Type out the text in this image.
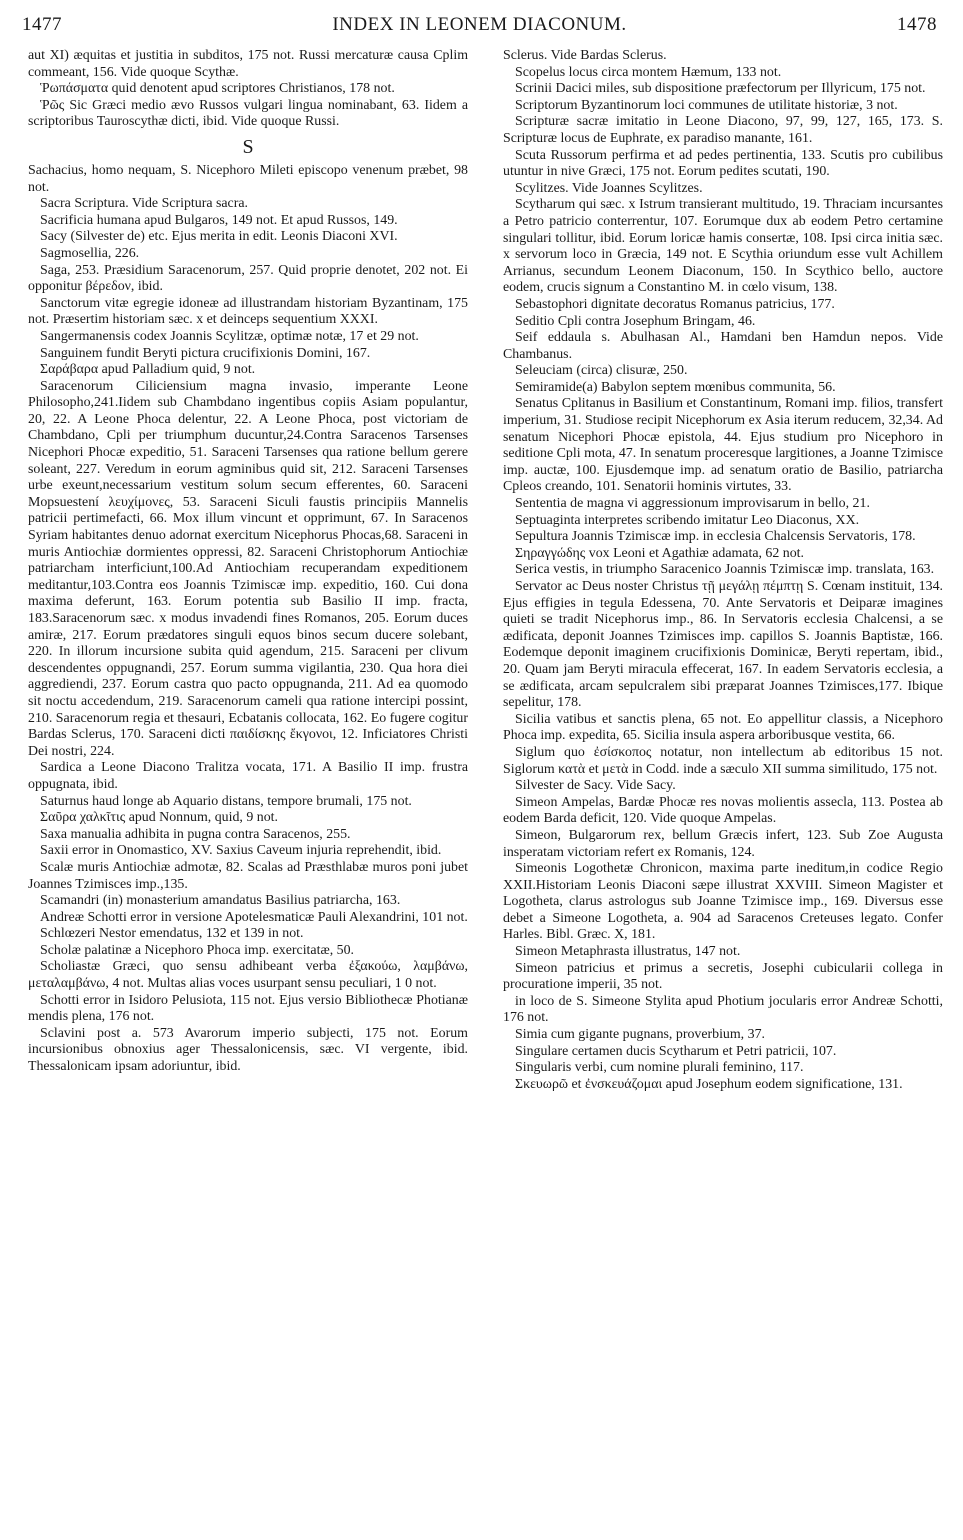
1477	INDEX IN LEONEM DIACONUM.	1478

aut XI) æquitas et justitia in subditos, 175 not. Russi mercaturæ causa Cplim commeant, 156. Vide quoque Scythæ.

Ῥωπάσματα quid denotent apud scriptores Christianos, 178 not.

Ῥῶς Sic Græci medio ævo Russos vulgari lingua nominabant, 63. Iidem a scriptoribus Tauroscythæ dicti, ibid. Vide quoque Russi.

S

Sachacius, homo nequam, S. Nicephoro Mileti episcopo venenum præbet, 98 not.

Sacra Scriptura. Vide Scriptura sacra.

Sacrificia humana apud Bulgaros, 149 not. Et apud Russos, 149.

Sacy (Silvester de) etc. Ejus merita in edit. Leonis Diaconi XVI.

Sagmosellia, 226.

Saga, 253. Præsidium Saracenorum, 257. Quid proprie denotet, 202 not. Ei opponitur βέρεδον, ibid.

Sanctorum vitæ egregie idoneæ ad illustrandam historiam Byzantinam, 175 not. Præsertim historiam sæc. x et deinceps sequentium XXXI.

Sangermanensis codex Joannis Scylitzæ, optimæ notæ, 17 et 29 not.

Sanguinem fundit Beryti pictura crucifixionis Domini, 167.

Σαράβαρα apud Palladium quid, 9 not.

Saracenorum Ciliciensium magna invasio, imperante Leone Philosopho,241.Iidem sub Chambdano ingentibus copiis Asiam populantur, 20, 22. A Leone Phoca delentur, 22. A Leone Phoca, post victoriam de Chambdano, Cpli per triumphum ducuntur,24.Contra Saracenos Tarsenses Nicephori Phocæ expeditio, 51. Saraceni Tarsenses qua ratione bellum gerere soleant, 227. Veredum in eorum agminibus quid sit, 212. Saraceni Tarsenses urbe exeunt,necessarium vestitum solum secum efferentes, 60. Saraceni Mopsuestení λευχίμονες, 53. Saraceni Siculi faustis principiis Mannelis patricii pertimefacti, 66. Mox illum vincunt et opprimunt, 67. In Saracenos Syriam habitantes denuo adornat exercitum Nicephorus Phocas,68. Saraceni in muris Antiochiæ dormientes oppressi, 82. Saraceni Christophorum Antiochiæ patriarcham interficiunt,100.Ad Antiochiam recuperandam expeditionem meditantur,103.Contra eos Joannis Tzimiscæ imp. expeditio, 160. Cui dona maxima deferunt, 163. Eorum potentia sub Basilio II imp. fracta, 183.Saracenorum sæc. x modus invadendi fines Romanos, 205. Eorum duces amiræ, 217. Eorum prædatores singuli equos binos secum ducere solebant, 220. In illorum incursione subita quid agendum, 215. Saraceni per clivum descendentes oppugnandi, 257. Eorum summa vigilantia, 230. Qua hora diei aggrediendi, 237. Eorum castra quo pacto oppugnanda, 211. Ad ea quomodo sit noctu accedendum, 219. Saracenorum cameli qua ratione intercipi possint, 210. Saracenorum regia et thesauri, Ecbatanis collocata, 162. Eo fugere cogitur Bardas Sclerus, 170. Saraceni dicti παιδίσκης ἔκγονοι, 12. Inficiatores Christi Dei nostri, 224.

Sardica a Leone Diacono Tralitza vocata, 171. A Basilio II imp. frustra oppugnata, ibid.

Saturnus haud longe ab Aquario distans, tempore brumali, 175 not.

Σαῦρα χαλκῖτις apud Nonnum, quid, 9 not.

Saxa manualia adhibita in pugna contra Saracenos, 255.

Saxii error in Onomastico, XV. Saxius Caveum injuria reprehendit, ibid.

Scalæ muris Antiochiæ admotæ, 82. Scalas ad Præsthlabæ muros poni jubet Joannes Tzimisces imp.,135.

Scamandri (in) monasterium amandatus Basilius patriarcha, 163.

Andreæ Schotti error in versione Apotelesmaticæ Pauli Alexandrini, 101 not.

Schlœzeri Nestor emendatus, 132 et 139 in not.

Scholæ palatinæ a Nicephoro Phoca imp. exercitatæ, 50.

Scholiastæ Græci, quo sensu adhibeant verba ἐξακούω, λαμβάνω, μεταλαμβάνω, 4 not. Multas alias voces usurpant sensu peculiari, 1 0 not.

Schotti error in Isidoro Pelusiota, 115 not. Ejus versio Bibliothecæ Photianæ mendis plena, 176 not.

Sclavini post a. 573 Avarorum imperio subjecti, 175 not. Eorum incursionibus obnoxius ager Thessalonicensis, sæc. VI vergente, ibid. Thessalonicam ipsam adoriuntur, ibid.

Sclerus. Vide Bardas Sclerus.

Scopelus locus circa montem Hæmum, 133 not.

Scrinii Dacici miles, sub dispositione præfectorum per Illyricum, 175 not.

Scriptorum Byzantinorum loci communes de utilitate historiæ, 3 not.

Scripturæ sacræ imitatio in Leone Diacono, 97, 99, 127, 165, 173. S. Scripturæ locus de Euphrate, ex paradiso manante, 161.

Scuta Russorum perfirma et ad pedes pertinentia, 133. Scutis pro cubilibus utuntur in nive Græci, 175 not. Eorum pedites scutati, 190.

Scylitzes. Vide Joannes Scylitzes.

Scytharum qui sæc. x Istrum transierant multitudo, 19. Thraciam incursantes a Petro patricio conterrentur, 107. Eorumque dux ab eodem Petro certamine singulari tollitur, ibid. Eorum loricæ hamis consertæ, 108. Ipsi circa initia sæc. x servorum loco in Græcia, 149 not. E Scythia oriundum esse vult Achillem Arrianus, secundum Leonem Diaconum, 150. In Scythico bello, auctore eodem, crucis signum a Constantino M. in cœlo visum, 138.

Sebastophori dignitate decoratus Romanus patricius, 177.

Seditio Cpli contra Josephum Bringam, 46.

Seif eddaula s. Abulhasan Al., Hamdani ben Hamdun nepos. Vide Chambanus.

Seleuciam (circa) clisuræ, 250.

Semiramide(a) Babylon septem mœnibus communita, 56.

Senatus Cplitanus in Basilium et Constantinum, Romani imp. filios, transfert imperium, 31. Studiose recipit Nicephorum ex Asia iterum reducem, 32,34. Ad senatum Nicephori Phocæ epistola, 44. Ejus studium pro Nicephoro in seditione Cpli mota, 47. In senatum proceresque largitiones, a Joanne Tzimisce imp. auctæ, 100. Ejusdemque imp. ad senatum oratio de Basilio, patriarcha Cpleos creando, 101. Senatorii hominis virtutes, 33.

Sententia de magna vi aggressionum improvisarum in bello, 21.

Septuaginta interpretes scribendo imitatur Leo Diaconus, XX.

Sepultura Joannis Tzimiscæ imp. in ecclesia Chalcensis Servatoris, 178.

Σηραγγώδης vox Leoni et Agathiæ adamata, 62 not.

Serica vestis, in triumpho Saracenico Joannis Tzimiscæ imp. translata, 163.

Servator ac Deus noster Christus τῇ μεγάλῃ πέμπτῃ S. Cœnam instituit, 134. Ejus effigies in tegula Edessena, 70. Ante Servatoris et Deiparæ imagines quieti se tradit Nicephorus imp., 86. In Servatoris ecclesia Chalcensi, a se ædificata, deponit Joannes Tzimisces imp. capillos S. Joannis Baptistæ, 166. Eodemque deponit imaginem crucifixionis Dominicæ, Beryti repertam, ibid., 20. Quam jam Beryti miracula effecerat, 167. In eadem Servatoris ecclesia, a se ædificata, arcam sepulcralem sibi præparat Joannes Tzimisces,177. Ibique sepelitur, 178.

Sicilia vatibus et sanctis plena, 65 not. Eo appellitur classis, a Nicephoro Phoca imp. expedita, 65. Sicilia insula aspera arboribusque vestita, 66.

Siglum quo ἐσίσκοπος notatur, non intellectum ab editoribus 15 not. Siglorum κατὰ et μετὰ in Codd. inde a sæculo XII summa similitudo, 175 not.

Silvester de Sacy. Vide Sacy.

Simeon Ampelas, Bardæ Phocæ res novas molientis assecla, 113. Postea ab eodem Barda deficit, 120. Vide quoque Ampelas.

Simeon, Bulgarorum rex, bellum Græcis infert, 123. Sub Zoe Augusta insperatam victoriam refert ex Romanis, 124.

Simeonis Logothetæ Chronicon, maxima parte ineditum,in codice Regio XXII.Historiam Leonis Diaconi sæpe illustrat XXVIII. Simeon Magister et Logotheta, clarus astrologus sub Joanne Tzimisce imp., 169. Diversus esse debet a Simeone Logotheta, a. 904 ad Saracenos Creteuses legato. Confer Harles. Bibl. Græc. X, 181.

Simeon Metaphrasta illustratus, 147 not.

Simeon patricius et primus a secretis, Josephi cubicularii collega in procuratione imperii, 35 not.

in loco de S. Simeone Stylita apud Photium jocularis error Andreæ Schotti, 176 not.

Simia cum gigante pugnans, proverbium, 37.

Singulare certamen ducis Scytharum et Petri patricii, 107.

Singularis verbi, cum nomine plurali feminino, 117.

Σκευωρῶ et ἐνσκευάζομαι apud Josephum eodem significatione, 131.
